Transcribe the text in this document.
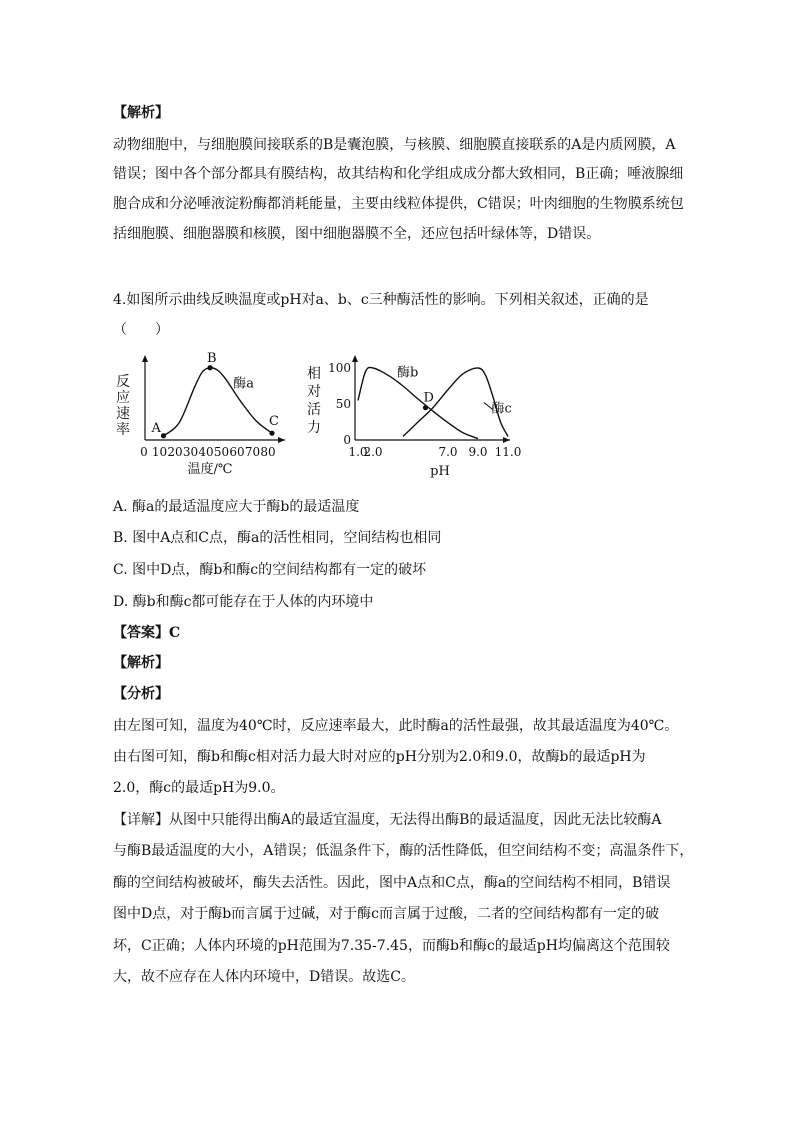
【解析】
动物细胞中，与细胞膜间接联系的B是囊泡膜，与核膜、细胞膜直接联系的A是内质网膜，A
错误；图中各个部分都具有膜结构，故其结构和化学组成成分都大致相同，B正确；唾液腺细
胞合成和分泌唾液淀粉酶都消耗能量，主要由线粒体提供，C错误；叶肉细胞的生物膜系统包
括细胞膜、细胞器膜和核膜，图中细胞器膜不全，还应包括叶绿体等，D错误。
4.如图所示曲线反映温度或pH对a、b、c三种酶活性的影响。下列相关叙述，正确的是
（　　）
反
应
速
率 A
B
C
0 10 20 30 40 50 60 70 80
酶a
温度/℃
相
对
活
力
D
1.0
2.0	7.0 9.0 11.0
0
50
100	酶b
酶c
pH
A. 酶a的最适温度应大于酶b的最适温度
B. 图中A点和C点，酶a的活性相同，空间结构也相同
C. 图中D点，酶b和酶c的空间结构都有一定的破坏
D. 酶b和酶c都可能存在于人体的内环境中
【答案】C
【解析】
【分析】
由左图可知，温度为40℃时，反应速率最大，此时酶a的活性最强，故其最适温度为40℃。
由右图可知，酶b和酶c相对活力最大时对应的pH分别为2.0和9.0，故酶b的最适pH为
2.0，酶c的最适pH为9.0。
【详解】从图中只能得出酶A的最适宜温度，无法得出酶B的最适温度，因此无法比较酶A
与酶B最适温度的大小，A错误；低温条件下，酶的活性降低，但空间结构不变；高温条件下，
酶的空间结构被破坏，酶失去活性。因此，图中A点和C点，酶a的空间结构不相同，B错误
图中D点，对于酶b而言属于过碱，对于酶c而言属于过酸，二者的空间结构都有一定的破
坏，C正确；人体内环境的pH范围为7.35-7.45，而酶b和酶c的最适pH均偏离这个范围较
大，故不应存在人体内环境中，D错误。故选C。
